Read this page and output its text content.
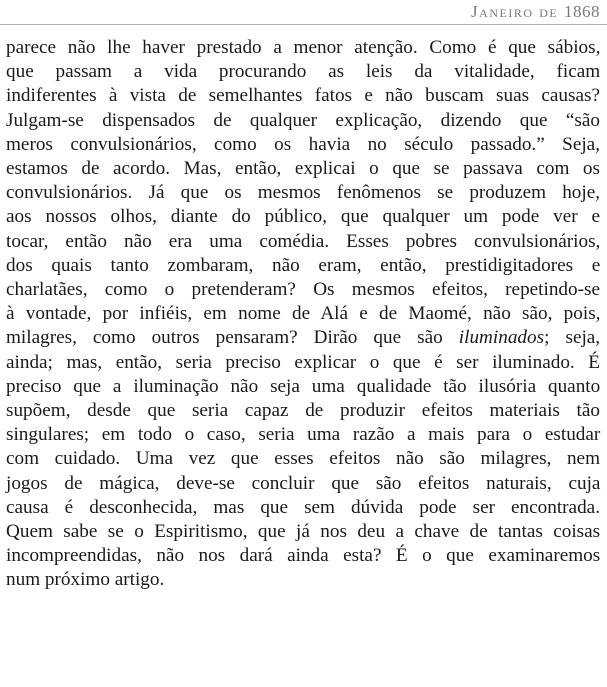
Janeiro de 1868
parece não lhe haver prestado a menor atenção. Como é que sábios,
que passam a vida procurando as leis da vitalidade, ficam
indiferentes à vista de semelhantes fatos e não buscam suas causas?
Julgam-se dispensados de qualquer explicação, dizendo que “são
meros convulsionários, como os havia no século passado.” Seja,
estamos de acordo. Mas, então, explicai o que se passava com os
convulsionários. Já que os mesmos fenômenos se produzem hoje,
aos nossos olhos, diante do público, que qualquer um pode ver e
tocar, então não era uma comédia. Esses pobres convulsionários,
dos quais tanto zombaram, não eram, então, prestidigitadores e
charlatães, como o pretenderam? Os mesmos efeitos, repetindo-se
à vontade, por infiéis, em nome de Alá e de Maomé, não são, pois,
milagres, como outros pensaram? Dirão que são iluminados; seja,
ainda; mas, então, seria preciso explicar o que é ser iluminado. É
preciso que a iluminação não seja uma qualidade tão ilusória quanto
supõem, desde que seria capaz de produzir efeitos materiais tão
singulares; em todo o caso, seria uma razão a mais para o estudar
com cuidado. Uma vez que esses efeitos não são milagres, nem
jogos de mágica, deve-se concluir que são efeitos naturais, cuja
causa é desconhecida, mas que sem dúvida pode ser encontrada.
Quem sabe se o Espiritismo, que já nos deu a chave de tantas coisas
incompreendidas, não nos dará ainda esta? É o que examinaremos
num próximo artigo.
